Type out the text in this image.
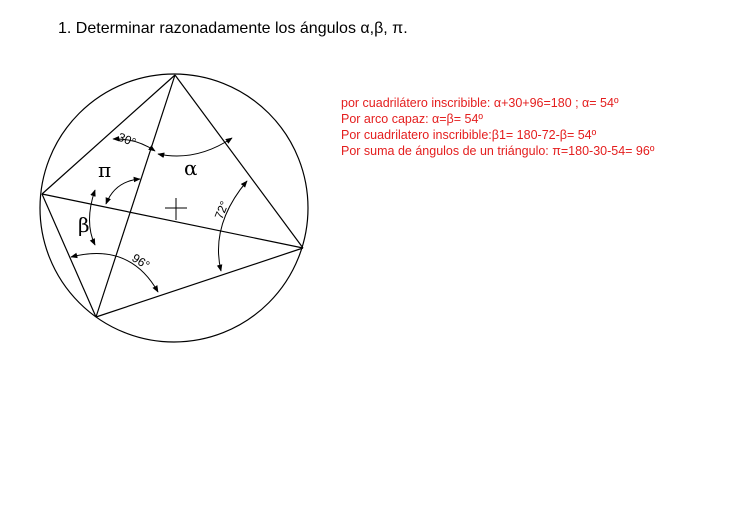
1. Determinar razonadamente los ángulos α,β, π.
30°
72°
96°
α
π
β
por cuadrilátero inscribible: α+30+96=180 ; α= 54º
Por arco capaz: α=β= 54º
Por cuadrilatero inscribible:β1= 180-72-β= 54º
Por suma de ángulos de un triángulo: π=180-30-54= 96º
